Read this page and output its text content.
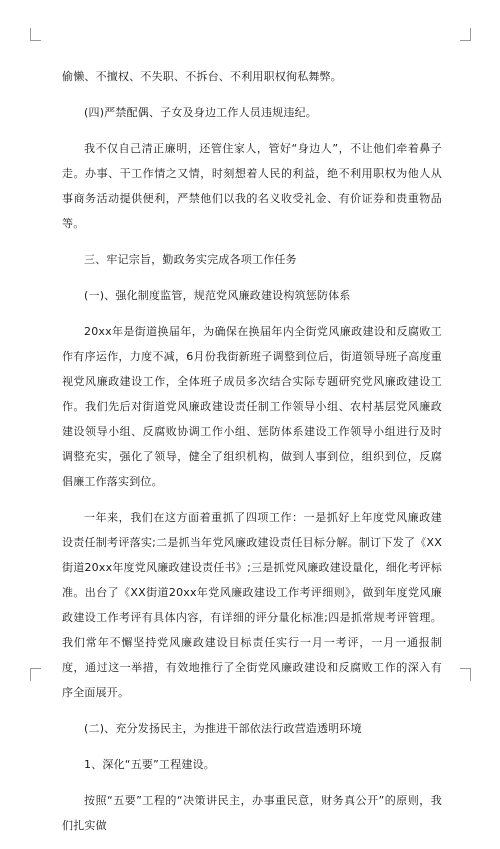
偷懒、不擅权、不失职、不拆台、不利用职权徇私舞弊。

(四)严禁配偶、子女及身边工作人员违规违纪。

我不仅自己清正廉明，还管住家人，管好“身边人”，不让他们牵着鼻子走。办事、干工作情之又情，时刻想着人民的利益，绝不利用职权为他人从事商务活动提供便利，严禁他们以我的名义收受礼金、有价证券和贵重物品等。

三、牢记宗旨，勤政务实完成各项工作任务

(一)、强化制度监管，规范党风廉政建设构筑惩防体系

20xx年是街道换届年，为确保在换届年内全街党风廉政建设和反腐败工作有序运作，力度不减，6月份我街新班子调整到位后，街道领导班子高度重视党风廉政建设工作，全体班子成员多次结合实际专题研究党风廉政建设工作。我们先后对街道党风廉政建设责任制工作领导小组、农村基层党风廉政建设领导小组、反腐败协调工作小组、惩防体系建设工作领导小组进行及时调整充实，强化了领导，健全了组织机构，做到人事到位，组织到位，反腐倡廉工作落实到位。

一年来，我们在这方面着重抓了四项工作：一是抓好上年度党风廉政建设责任制考评落实;二是抓当年党风廉政建设责任目标分解。制订下发了《XX街道20xx年度党风廉政建设责任书》;三是抓党风廉政建设量化，细化考评标准。出台了《XX街道20xx年党风廉政建设工作考评细则》，做到年度党风廉政建设工作考评有具体内容，有详细的评分量化标准;四是抓常规考评管理。我们常年不懈坚持党风廉政建设目标责任实行一月一考评，一月一通报制度，通过这一举措，有效地推行了全街党风廉政建设和反腐败工作的深入有序全面展开。

(二)、充分发扬民主，为推进干部依法行政营造透明环境

1、深化“五要”工程建设。

按照“五要”工程的“决策讲民主，办事重民意，财务真公开”的原则，我们扎实做
